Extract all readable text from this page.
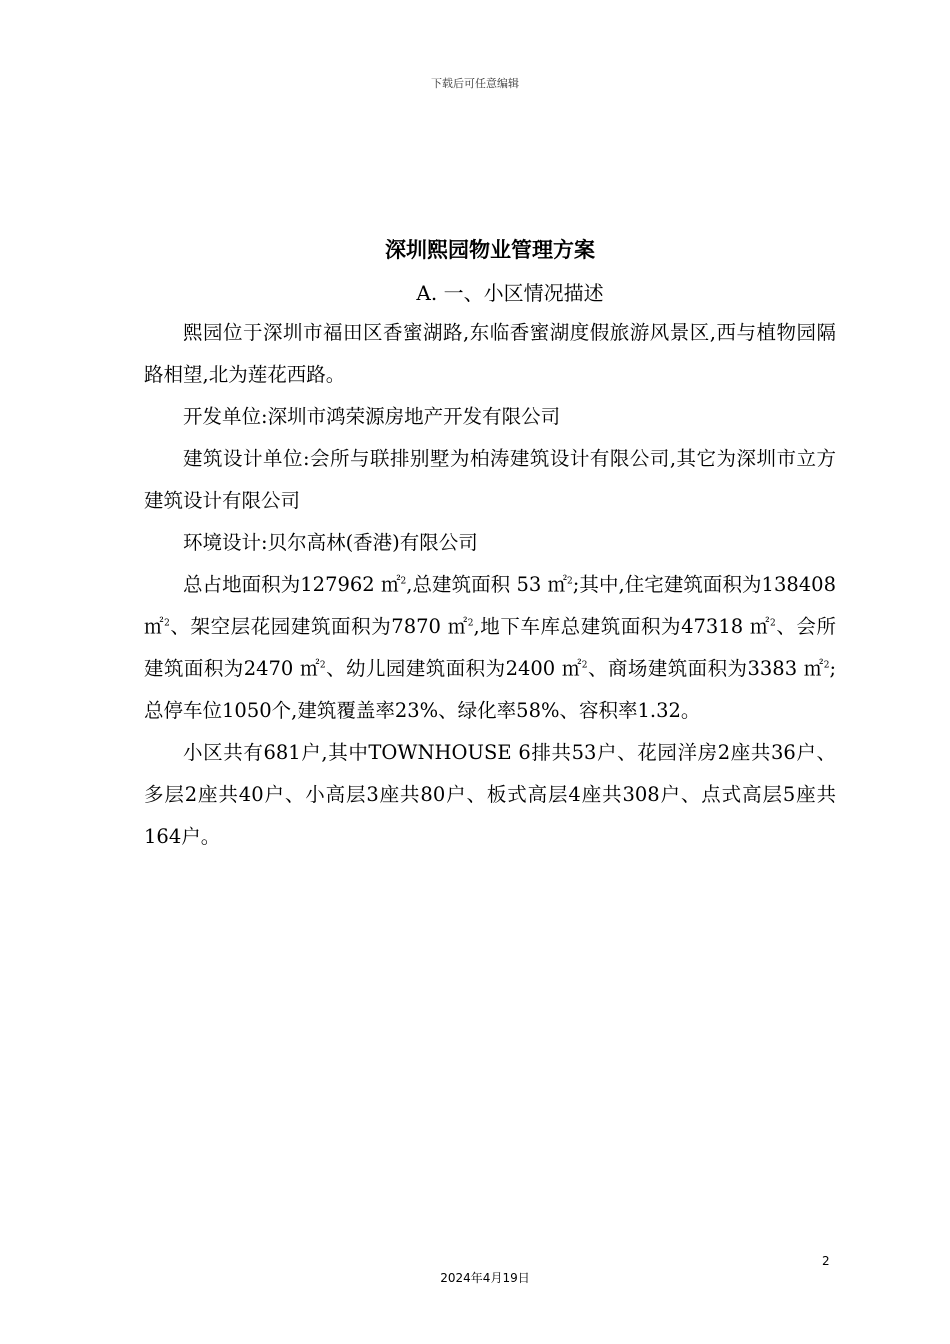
下载后可任意编辑
深圳熙园物业管理方案
A. 一、小区情况描述

熙园位于深圳市福田区香蜜湖路,东临香蜜湖度假旅游风景区,西与植物园隔路相望,北为莲花西路。

开发单位:深圳市鸿荣源房地产开发有限公司

建筑设计单位:会所与联排别墅为柏涛建筑设计有限公司,其它为深圳市立方建筑设计有限公司

环境设计:贝尔高林(香港)有限公司

总占地面积为127962 ㎡$^2$,总建筑面积 53 ㎡$^2$;其中,住宅建筑面积为138408 ㎡$^2$、架空层花园建筑面积为7870 ㎡$^2$,地下车库总建筑面积为47318 ㎡$^2$、会所建筑面积为2470 ㎡$^2$、幼儿园建筑面积为2400 ㎡$^2$、商场建筑面积为3383 ㎡$^2$;总停车位1050个,建筑覆盖率23%、绿化率58%、容积率1.32。

小区共有681户,其中TOWNHOUSE 6排共53户、花园洋房2座共36户、多层2座共40户、小高层3座共80户、板式高层4座共308户、点式高层5座共164户。

2
2024年4月19日
